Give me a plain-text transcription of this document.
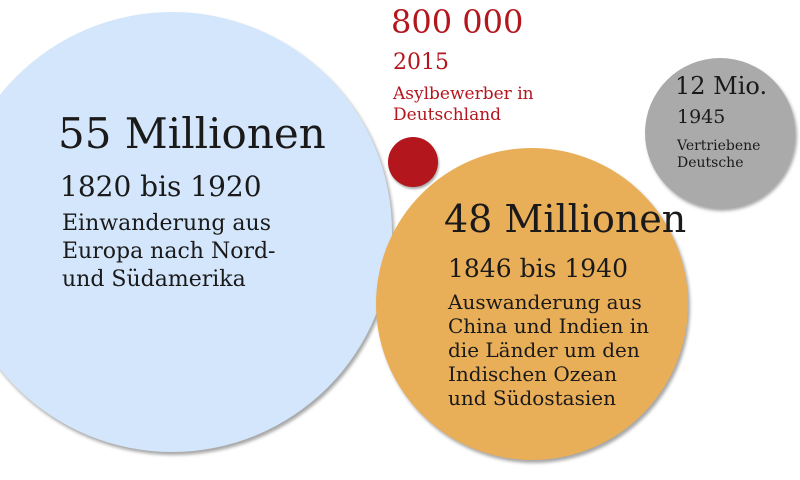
55 Millionen
1820 bis 1920
Einwanderung aus
Europa nach Nord-
und Südamerika
48 Millionen
1846 bis 1940
Auswanderung aus
China und Indien in
die Länder um den
Indischen Ozean
und Südostasien
12 Mio.
1945
Vertriebene
Deutsche
800 000
2015
Asylbewerber in
Deutschland
